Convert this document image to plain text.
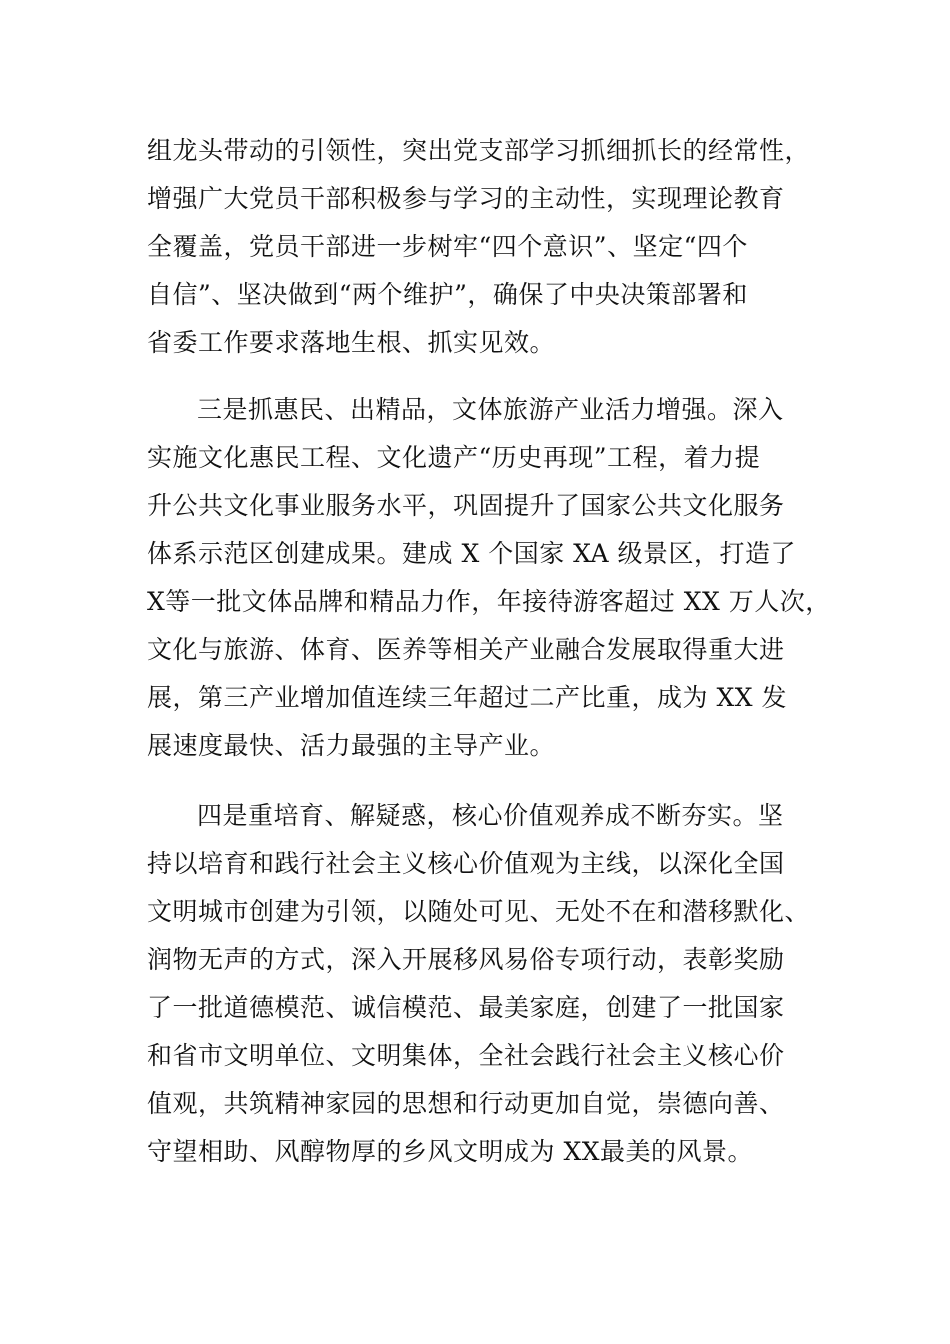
组龙头带动的引领性，突出党支部学习抓细抓长的经常性，
增强广大党员干部积极参与学习的主动性，实现理论教育
全覆盖，党员干部进一步树牢“四个意识”、坚定“四个
自信”、坚决做到“两个维护”，确保了中央决策部署和
省委工作要求落地生根、抓实见效。
三是抓惠民、出精品，文体旅游产业活力增强。深入
实施文化惠民工程、文化遗产“历史再现”工程，着力提
升公共文化事业服务水平，巩固提升了国家公共文化服务
体系示范区创建成果。建成 X 个国家 XA 级景区，打造了
X等一批文体品牌和精品力作，年接待游客超过 XX 万人次，
文化与旅游、体育、医养等相关产业融合发展取得重大进
展，第三产业增加值连续三年超过二产比重，成为 XX 发
展速度最快、活力最强的主导产业。
四是重培育、解疑惑，核心价值观养成不断夯实。坚
持以培育和践行社会主义核心价值观为主线，以深化全国
文明城市创建为引领，以随处可见、无处不在和潜移默化、
润物无声的方式，深入开展移风易俗专项行动，表彰奖励
了一批道德模范、诚信模范、最美家庭，创建了一批国家
和省市文明单位、文明集体，全社会践行社会主义核心价
值观，共筑精神家园的思想和行动更加自觉，崇德向善、
守望相助、风醇物厚的乡风文明成为 XX最美的风景。
